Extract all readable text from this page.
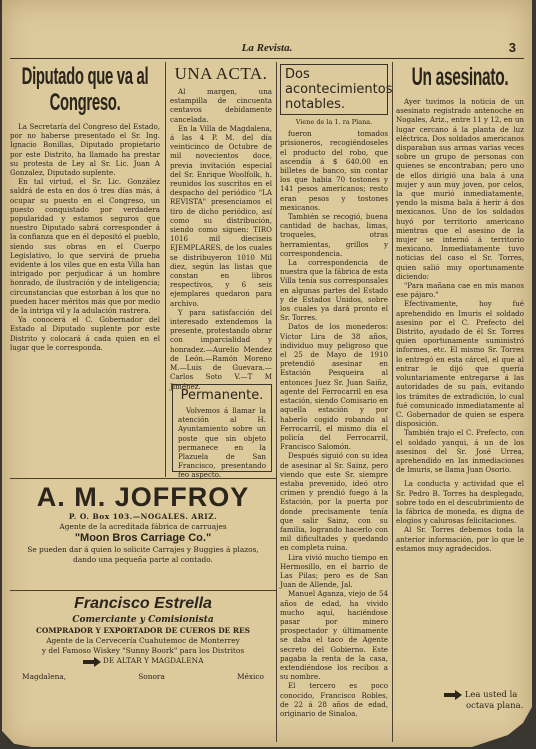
La Revista.	3
Diputado que va al Congreso.

La Secretaría del Congreso del Estado, por no haberse presentado el Sr. Ing. Ignacio Bonillas, Diputado propietario por este Distrito, ha llamado ha prestar su protesta de Ley al Sr. Lic. Juan A Gonzalez, Diputado suplente.

En tal virtud, el Sr. Lic. González saldrá de esta en dos ó tres días más, á ocupar su puesto en el Congreso, un puesto conquistado por verdadera popularidad y estamos seguros que nuestro Diputado sabrá corresponder á la confianza que en él depositó el pueblo, siendo sus obras en el Cuerpo Legislativo, lo que servirá de prueba evidente á los viles que en esta Villa han intrigado por perjudicar á un hombre honrado, de ilustración y de inteligencia; circunstancias que estorban á los que no pueden hacer méritos más que por medio de la intriga vil y la adulación rastrera.

Ya conocerá el C. Gobernador del Estado al Diputado suplente por este Distrito y colocará á cada quien en el lugar que le corresponda.

UNA ACTA.

Al margen, una estampilla de cincuenta centavos debidamente cancelada.

En la Villa de Magdalena, á las 4 P. M. del día veinticinco de Octubre de mil novecientos doce, previa invitación especial del Sr. Enrique Woolfolk, h. reunidos los suscritos en el despacho del periódico "LA REVISTA" presenciamos el tiro de dicho periódico, así como su distribución, siendo como siguen: TIRO 1016 mil dieciseis EJEMPLARES, de los cuales se distribuyeron 1010 Mil diez, según las listas que constan en libros respectivos, y 6 seis ejemplares quedaron para archivo.

Y para satisfacción del interesado extendemos la presente, protestando obrar con imparcialidad y honradez.—Aurelio Mendez de León.—Ramón Moreno M.—Luis de Guevara.—Carlos Soto V.—T M Jiménez.

Permanente.
Volvemos á llamar la atención al H. Ayuntamiento sobre un poste que sin objeto permanece en la Plazuela de San Francisco, presentando feo aspecto.
A. M. JOFFROY
P. O. Box 103.—NOGALES. ARIZ.
Agente de la acreditada fábrica de carruajes
"Moon Bros Carriage Co."
Se pueden dar á quien lo solicite Carrajes y Buggies á plazos, dando una pequeña parte al contado.
Francisco Estrella
Comerciante y Comisionista
COMPRADOR Y EXPORTADOR DE CUEROS DE RES
Agente de la Cervecería Cuahutemoc de Monterrey
y del Famoso Wiskey "Sunny Boork" para los Distritos
DE ALTAR Y MAGDALENA
Magdalena,	Sonora	México
Dos acontecimientos notables.
Viene de la 1. ra Plana.

fueron tomados prisioneros, recogiéndoseles el producto del robo, que ascendía á $ 640.00 en billetes de banco, sin contar los que habia 70 tostones y 141 pesos americanos; resto eran pesos y tostones mexicanos.

También se recogió, buena cantidad de hachas, limas, troqueles, otras herramientas, grillos y correspondencia.

La correspondencia de nuestra que la fábrica de esta Villa tenía sus corresponsales en algunas partes del Estado y de Estados Unidos, sobre los cuales ya dará pronto el Sr. Torres.

Datos de los monederos: Víctor Lira de 38 años, individuo muy peligroso que el 25 de Mayo de 1910 pretendió asesinar en Estación Pesqueira al entonces Juez Sr. Juan Saiñz, agente del Ferrocarril en esa estación, siendo Comisario en aquella estación y por haberlo cogido robando al Ferrocarril, el mismo día el policía del Ferrocarril, Francisco Salomón.

Después siguió con su idea de asesinar al Sr. Sainz, pero viendo que este Sr. siempre estaba prevenido, ideó otro crimen y prendió fuego á la Estación, por la puerta por donde precisamente tenía que salir Sainz, con su familia, logrando hacerlo con mil dificultades y quedando en completa ruina.

Lira vivió mucho tiempo en Hermosillo, en el barrio de Las Pilas; pero es de San Juan de Allende, Jal.

Manuel Aganza, viejo de 54 años de edad, ha vivido mucho aquí, haciéndose pasar por minero prospectador y últimamente se daba el taco de Agente secreto del Gobierno. Este pagaba la renta de la casa, extendiéndose los recibos a su nombre.

El tercero es poco conocido, Francisco Robles, de 22 á 28 años de edad, originario de Sinaloa.

Un asesinato.

Ayer tuvimos la noticia de un asesinato registrado antenoche en Nogales, Ariz., entre 11 y 12, en un lugar cercano á la planta de luz eléctrica. Dos soldados americanos disparaban sus armas varias veces sobre un grupo de personas con quienes se encontraban; pero uno de ellos dirigió una bala á una mujer y aun muy joven, por celos, la que murió inmediatamente, yendo la misma bala á herir á dos mexicanos. Uno de los soldados huyó por territorio americano mientras que el asesino de la mujer se internó á territorio mexicano. Inmediatamente tuvo noticias del caso el Sr. Torres, quien salió muy oportunamente diciendo:

"Para mañana cae en mis manos ese pájaro."

Efectivamente, hoy fué aprehendido en Imuris el soldado asesino por el C. Prefecto del Distrito, ayudado de él Sr. Torres quien oportunamente suministró informes, etc. El mismo Sr. Torres lo entregó en esta cárcel, el que al entrar le dijó que quería voluntariamente entregarse á las autoridades de su país, evitando los trámites de extradición, lo cual fué comunicado inmediatamente al C. Gobernador de quien se espera disposición.

También trajo el C. Prefecto, con el soldado yanqui, á un de los asesinos del Sr. José Urrea, aprehendido en las inmediaciones de Imuris, se llama Juan Osorio.

La conducta y actividad que el Sr. Pedro B. Torres ha desplegado, sobre todo en el descubrimiento de la fábrica de moneda, es digna de elogios y calurosas felicitaciones.

Al Sr. Torres debemos toda la anterior información, por lo que le estamos muy agradecidos.

Lea usted la
octava plana.
